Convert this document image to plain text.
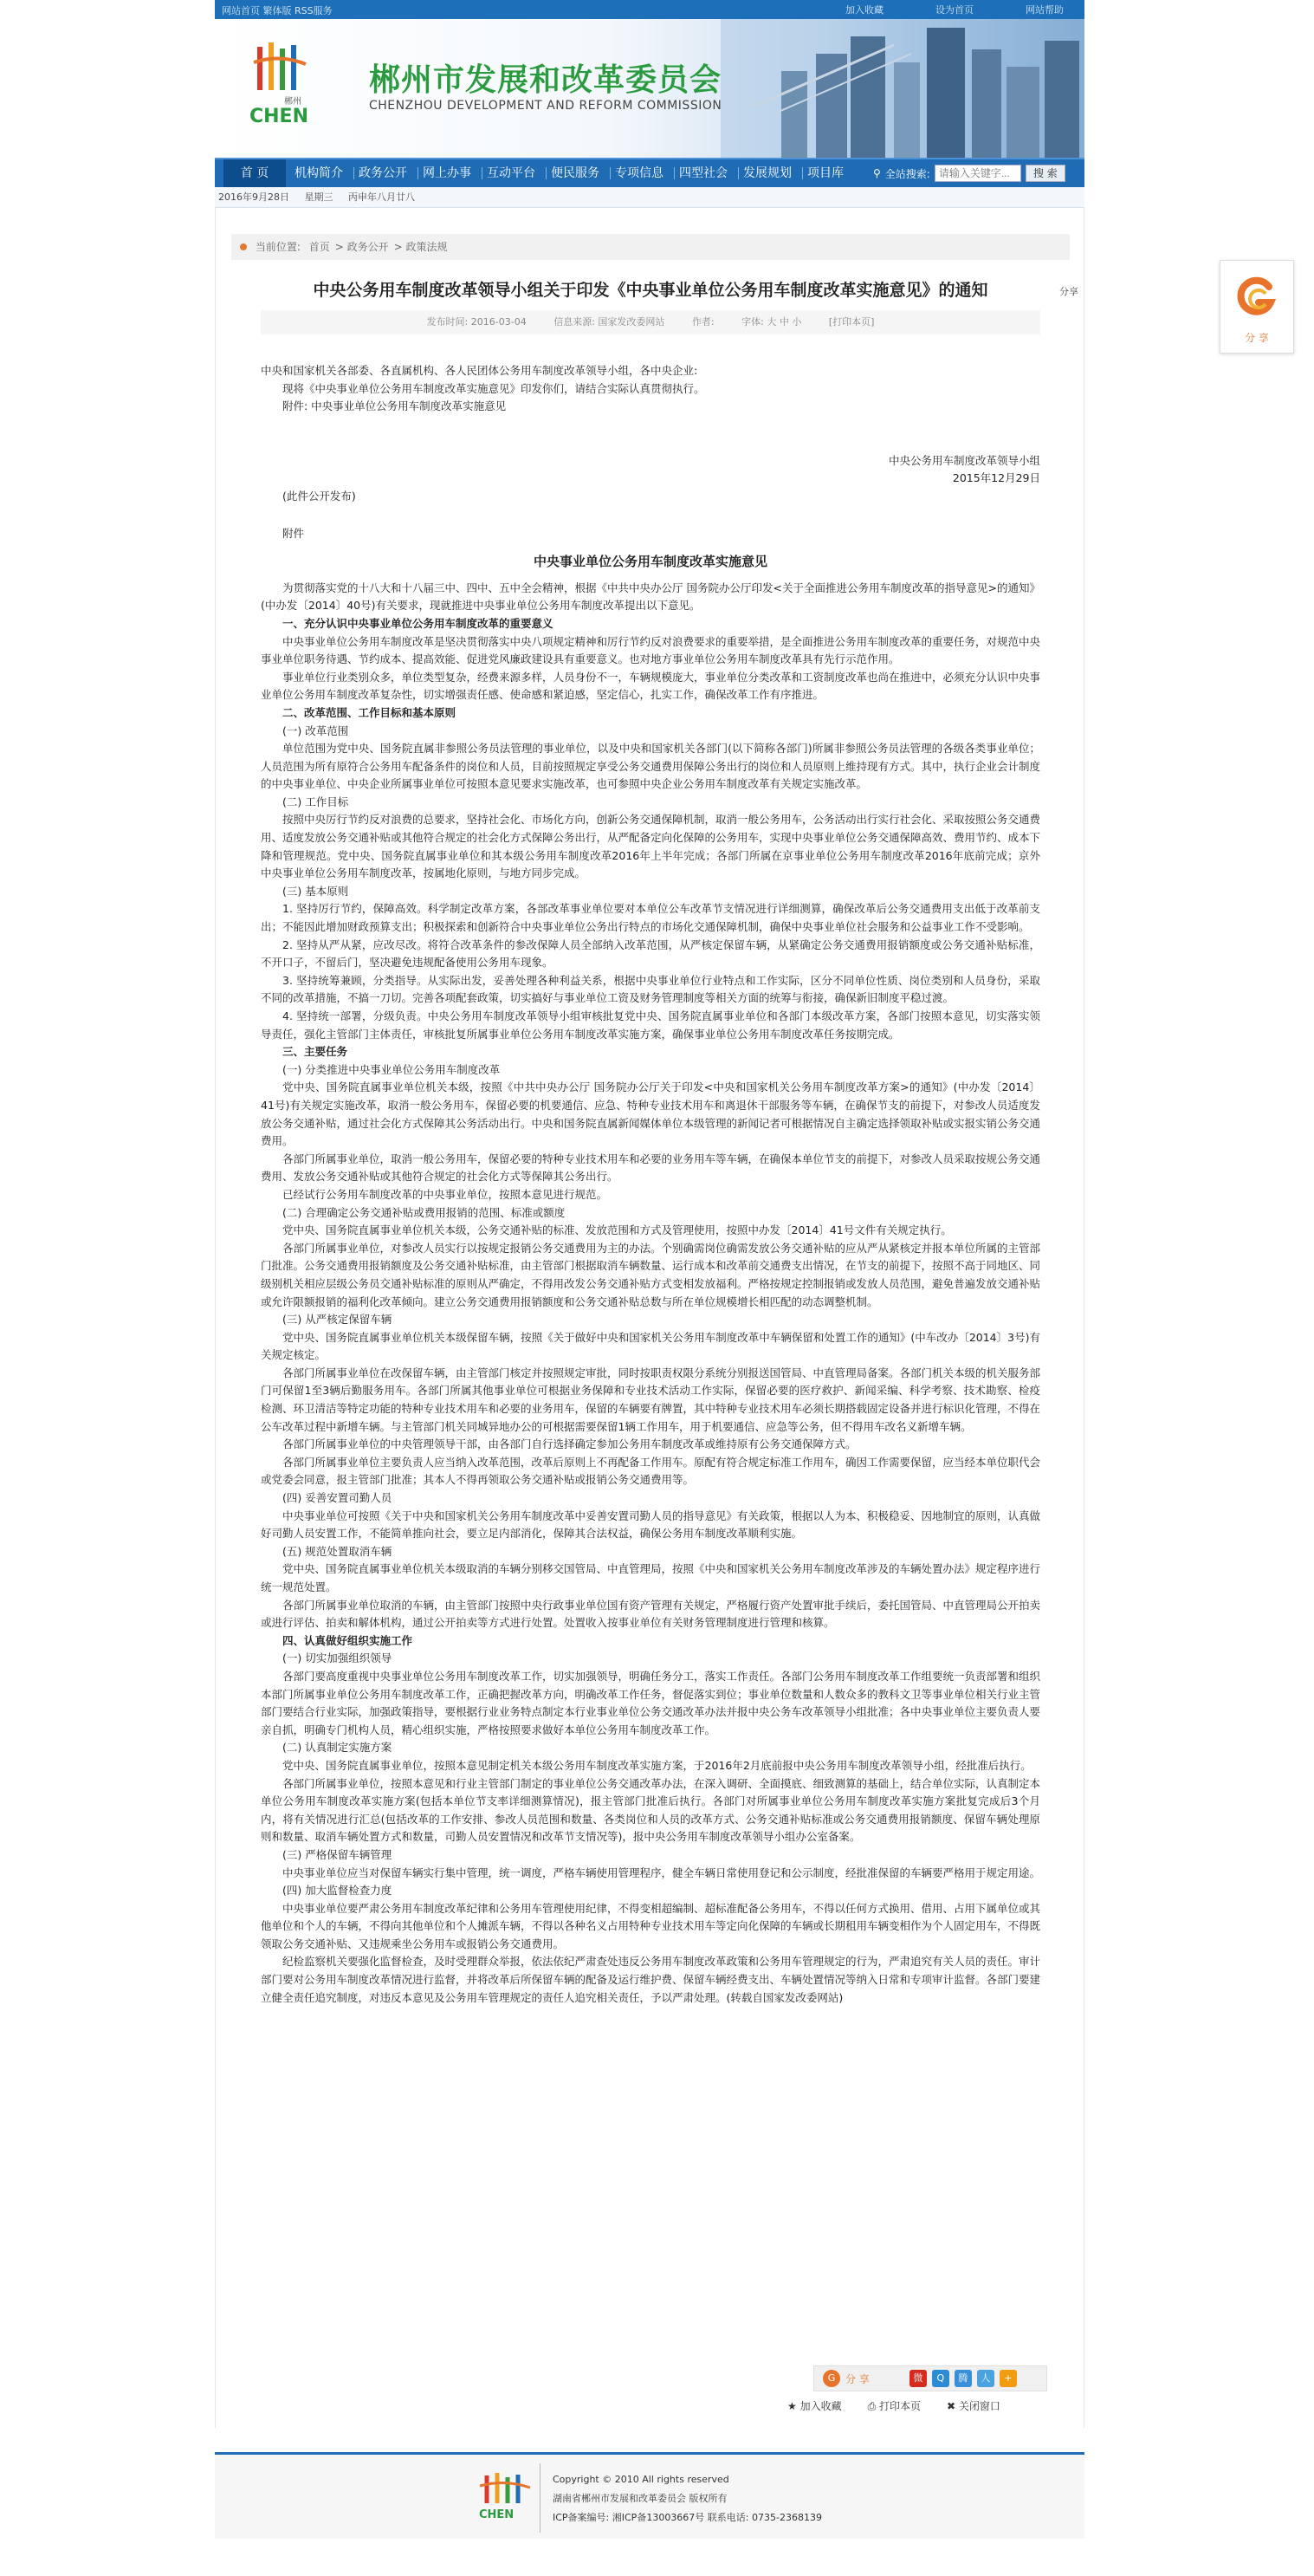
网站首页 繁体版 RSS服务	加入收藏	设为首页	网站帮助
CHEN
郴州
郴州市发展和改革委员会
CHENZHOU DEVELOPMENT AND REFORM COMMISSION
首 页	机构简介 政务公开 网上办事 互动平台 便民服务 专项信息 四型社会 发展规划 项目库	⚲ 全站搜索:
请输入关键字...	搜 索
2016年9月28日 星期三 丙申年八月廿八
当前位置: 首页 > 政务公开 > 政策法规
中央公务用车制度改革领导小组关于印发《中央事业单位公务用车制度改革实施意见》的通知	分享
发布时间: 2016-03-04	信息来源: 国家发改委网站	作者:	字体: 大 中 小	[打印本页]

中央和国家机关各部委、各直属机构、各人民团体公务用车制度改革领导小组，各中央企业:

现将《中央事业单位公务用车制度改革实施意见》印发你们，请结合实际认真贯彻执行。

附件: 中央事业单位公务用车制度改革实施意见

中央公务用车制度改革领导小组

2015年12月29日

(此件公开发布)

附件

中央事业单位公务用车制度改革实施意见

为贯彻落实党的十八大和十八届三中、四中、五中全会精神，根据《中共中央办公厅 国务院办公厅印发<关于全面推进公务用车制度改革的指导意见>的通知》(中办发〔2014〕40号)有关要求，现就推进中央事业单位公务用车制度改革提出以下意见。

一、充分认识中央事业单位公务用车制度改革的重要意义

中央事业单位公务用车制度改革是坚决贯彻落实中央八项规定精神和厉行节约反对浪费要求的重要举措，是全面推进公务用车制度改革的重要任务，对规范中央事业单位职务待遇、节约成本、提高效能、促进党风廉政建设具有重要意义。也对地方事业单位公务用车制度改革具有先行示范作用。

事业单位行业类别众多，单位类型复杂，经费来源多样，人员身份不一，车辆规模庞大，事业单位分类改革和工资制度改革也尚在推进中，必须充分认识中央事业单位公务用车制度改革复杂性，切实增强责任感、使命感和紧迫感，坚定信心，扎实工作，确保改革工作有序推进。

二、改革范围、工作目标和基本原则

(一) 改革范围

单位范围为党中央、国务院直属非参照公务员法管理的事业单位，以及中央和国家机关各部门(以下简称各部门)所属非参照公务员法管理的各级各类事业单位；人员范围为所有原符合公务用车配备条件的岗位和人员，目前按照规定享受公务交通费用保障公务出行的岗位和人员原则上维持现有方式。其中，执行企业会计制度的中央事业单位、中央企业所属事业单位可按照本意见要求实施改革，也可参照中央企业公务用车制度改革有关规定实施改革。

(二) 工作目标

按照中央厉行节约反对浪费的总要求，坚持社会化、市场化方向，创新公务交通保障机制，取消一般公务用车，公务活动出行实行社会化、采取按照公务交通费用、适度发放公务交通补贴或其他符合规定的社会化方式保障公务出行，从严配备定向化保障的公务用车，实现中央事业单位公务交通保障高效、费用节约、成本下降和管理规范。党中央、国务院直属事业单位和其本级公务用车制度改革2016年上半年完成；各部门所属在京事业单位公务用车制度改革2016年底前完成；京外中央事业单位公务用车制度改革，按属地化原则，与地方同步完成。

(三) 基本原则

1. 坚持厉行节约，保障高效。科学制定改革方案，各部改革事业单位要对本单位公车改革节支情况进行详细测算，确保改革后公务交通费用支出低于改革前支出；不能因此增加财政预算支出；积极探索和创新符合中央事业单位公务出行特点的市场化交通保障机制，确保中央事业单位社会服务和公益事业工作不受影响。

2. 坚持从严从紧，应改尽改。将符合改革条件的参改保障人员全部纳入改革范围，从严核定保留车辆，从紧确定公务交通费用报销额度或公务交通补贴标准，不开口子，不留后门，坚决避免违规配备使用公务用车现象。

3. 坚持统筹兼顾，分类指导。从实际出发，妥善处理各种利益关系，根据中央事业单位行业特点和工作实际，区分不同单位性质、岗位类别和人员身份，采取不同的改革措施，不搞一刀切。完善各项配套政策，切实搞好与事业单位工资及财务管理制度等相关方面的统筹与衔接，确保新旧制度平稳过渡。

4. 坚持统一部署，分级负责。中央公务用车制度改革领导小组审核批复党中央、国务院直属事业单位和各部门本级改革方案，各部门按照本意见，切实落实领导责任，强化主管部门主体责任，审核批复所属事业单位公务用车制度改革实施方案，确保事业单位公务用车制度改革任务按期完成。

三、主要任务

(一) 分类推进中央事业单位公务用车制度改革

党中央、国务院直属事业单位机关本级，按照《中共中央办公厅 国务院办公厅关于印发<中央和国家机关公务用车制度改革方案>的通知》(中办发〔2014〕41号)有关规定实施改革，取消一般公务用车，保留必要的机要通信、应急、特种专业技术用车和离退休干部服务等车辆，在确保节支的前提下，对参改人员适度发放公务交通补贴，通过社会化方式保障其公务活动出行。中央和国务院直属新闻媒体单位本级管理的新闻记者可根据情况自主确定选择领取补贴或实报实销公务交通费用。

各部门所属事业单位，取消一般公务用车，保留必要的特种专业技术用车和必要的业务用车等车辆，在确保本单位节支的前提下，对参改人员采取按规公务交通费用、发放公务交通补贴或其他符合规定的社会化方式等保障其公务出行。

已经试行公务用车制度改革的中央事业单位，按照本意见进行规范。

(二) 合理确定公务交通补贴或费用报销的范围、标准或额度

党中央、国务院直属事业单位机关本级，公务交通补贴的标准、发放范围和方式及管理使用，按照中办发〔2014〕41号文件有关规定执行。

各部门所属事业单位，对参改人员实行以按规定报销公务交通费用为主的办法。个别确需岗位确需发放公务交通补贴的应从严从紧核定并报本单位所属的主管部门批准。公务交通费用报销额度及公务交通补贴标准，由主管部门根据取消车辆数量、运行成本和改革前交通费支出情况，在节支的前提下，按照不高于同地区、同级别机关相应层级公务员交通补贴标准的原则从严确定，不得用改发公务交通补贴方式变相发放福利。严格按规定控制报销或发放人员范围，避免普遍发放交通补贴或允许限额报销的福利化改革倾向。建立公务交通费用报销额度和公务交通补贴总数与所在单位规模增长相匹配的动态调整机制。

(三) 从严核定保留车辆

党中央、国务院直属事业单位机关本级保留车辆，按照《关于做好中央和国家机关公务用车制度改革中车辆保留和处置工作的通知》(中车改办〔2014〕3号)有关规定核定。

各部门所属事业单位在改保留车辆，由主管部门核定并按照规定审批，同时按职责权限分系统分别报送国管局、中直管理局备案。各部门机关本级的机关服务部门可保留1至3辆后勤服务用车。各部门所属其他事业单位可根据业务保障和专业技术活动工作实际，保留必要的医疗救护、新闻采编、科学考察、技术勘察、检疫检测、环卫清洁等特定功能的特种专业技术用车和必要的业务用车，保留的车辆要有牌置，其中特种专业技术用车必须长期搭载固定设备并进行标识化管理，不得在公车改革过程中新增车辆。与主管部门机关同城异地办公的可根据需要保留1辆工作用车，用于机要通信、应急等公务，但不得用车改名义新增车辆。

各部门所属事业单位的中央管理领导干部，由各部门自行选择确定参加公务用车制度改革或维持原有公务交通保障方式。

各部门所属事业单位主要负责人应当纳入改革范围，改革后原则上不再配备工作用车。原配有符合规定标准工作用车，确因工作需要保留，应当经本单位职代会或党委会同意，报主管部门批准；其本人不得再领取公务交通补贴或报销公务交通费用等。

(四) 妥善安置司勤人员

中央事业单位可按照《关于中央和国家机关公务用车制度改革中妥善安置司勤人员的指导意见》有关政策，根据以人为本、积极稳妥、因地制宜的原则，认真做好司勤人员安置工作，不能简单推向社会，要立足内部消化，保障其合法权益，确保公务用车制度改革顺利实施。

(五) 规范处置取消车辆

党中央、国务院直属事业单位机关本级取消的车辆分别移交国管局、中直管理局，按照《中央和国家机关公务用车制度改革涉及的车辆处置办法》规定程序进行统一规范处置。

各部门所属事业单位取消的车辆，由主管部门按照中央行政事业单位国有资产管理有关规定，严格履行资产处置审批手续后，委托国管局、中直管理局公开拍卖或进行评估、拍卖和解体机构，通过公开拍卖等方式进行处置。处置收入按事业单位有关财务管理制度进行管理和核算。

四、认真做好组织实施工作

(一) 切实加强组织领导

各部门要高度重视中央事业单位公务用车制度改革工作，切实加强领导，明确任务分工，落实工作责任。各部门公务用车制度改革工作组要统一负责部署和组织本部门所属事业单位公务用车制度改革工作，正确把握改革方向，明确改革工作任务，督促落实到位；事业单位数量和人数众多的教科文卫等事业单位相关行业主管部门要结合行业实际，加强政策指导，要根据行业业务特点制定本行业事业单位公务交通改革办法并报中央公务车改革领导小组批准；各中央事业单位主要负责人要亲自抓，明确专门机构人员，精心组织实施，严格按照要求做好本单位公务用车制度改革工作。

(二) 认真制定实施方案

党中央、国务院直属事业单位，按照本意见制定机关本级公务用车制度改革实施方案，于2016年2月底前报中央公务用车制度改革领导小组，经批准后执行。

各部门所属事业单位，按照本意见和行业主管部门制定的事业单位公务交通改革办法，在深入调研、全面摸底、细致测算的基础上，结合单位实际，认真制定本单位公务用车制度改革实施方案(包括本单位节支率详细测算情况)，报主管部门批准后执行。各部门对所属事业单位公务用车制度改革实施方案批复完成后3个月内，将有关情况进行汇总(包括改革的工作安排、参改人员范围和数量、各类岗位和人员的改革方式、公务交通补贴标准或公务交通费用报销额度、保留车辆处理原则和数量、取消车辆处置方式和数量，司勤人员安置情况和改革节支情况等)，报中央公务用车制度改革领导小组办公室备案。

(三) 严格保留车辆管理

中央事业单位应当对保留车辆实行集中管理，统一调度，严格车辆使用管理程序，健全车辆日常使用登记和公示制度，经批准保留的车辆要严格用于规定用途。

(四) 加大监督检查力度

中央事业单位要严肃公务用车制度改革纪律和公务用车管理使用纪律，不得变相超编制、超标准配备公务用车，不得以任何方式换用、借用、占用下属单位或其他单位和个人的车辆，不得向其他单位和个人摊派车辆，不得以各种名义占用特种专业技术用车等定向化保障的车辆或长期租用车辆变相作为个人固定用车，不得既领取公务交通补贴、又违规乘坐公务用车或报销公务交通费用。

纪检监察机关要强化监督检查，及时受理群众举报，依法依纪严肃查处违反公务用车制度改革政策和公务用车管理规定的行为，严肃追究有关人员的责任。审计部门要对公务用车制度改革情况进行监督，并将改革后所保留车辆的配备及运行维护费、保留车辆经费支出、车辆处置情况等纳入日常和专项审计监督。各部门要建立健全责任追究制度，对违反本意见及公务用车管理规定的责任人追究相关责任，予以严肃处理。(转载自国家发改委网站)

G 分 享	微	Q	腾	人	+
★ 加入收藏	⎙ 打印本页	✖ 关闭窗口
CHEN
Copyright © 2010 All rights reserved
湖南省郴州市发展和改革委员会 版权所有
ICP备案编号: 湘ICP备13003667号 联系电话: 0735-2368139
分 享
